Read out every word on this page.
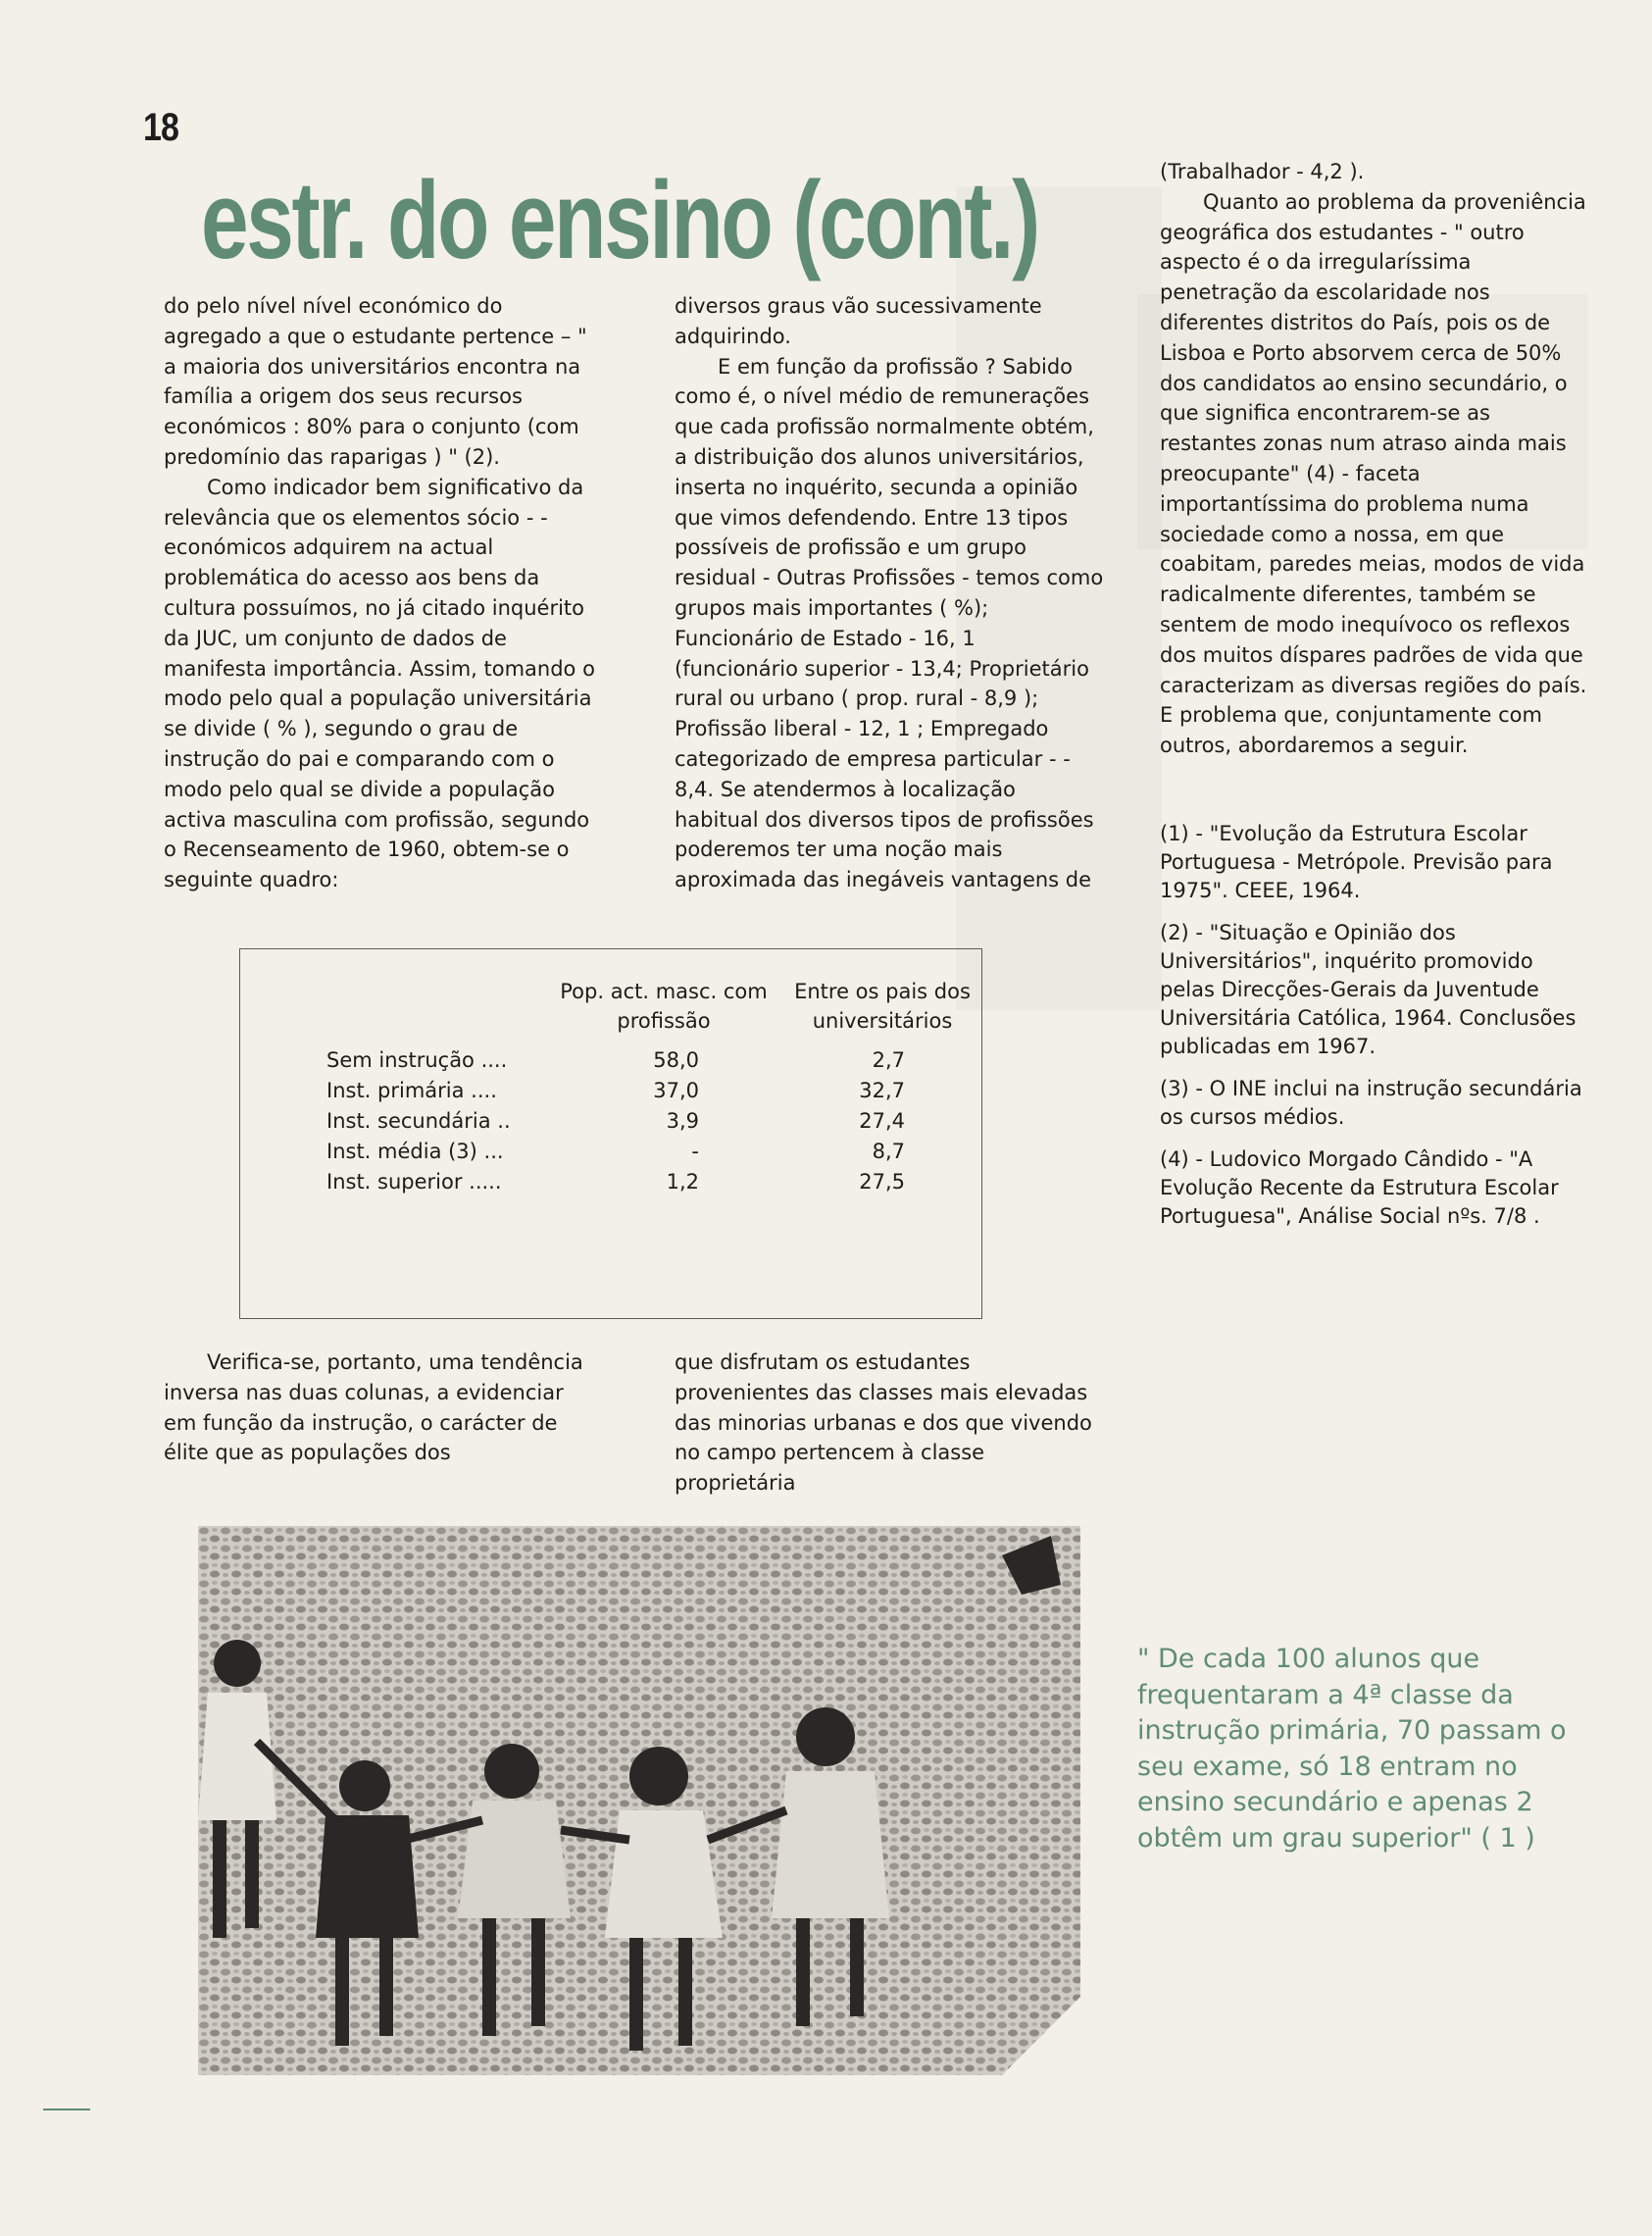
18
estr. do ensino (cont.)

do pelo nível nível económico do agregado a que o estudante pertence – " a maioria dos universitários encontra na família a origem dos seus recursos económicos : 80% para o conjunto (com predomínio das raparigas ) " (2).

Como indicador bem significativo da relevância que os elementos sócio - -económicos adquirem na actual problemática do acesso aos bens da cultura possuímos, no já citado inquérito da JUC, um conjunto de dados de manifesta importância. Assim, tomando o modo pelo qual a população universitária se divide ( % ), segundo o grau de instrução do pai e comparando com o modo pelo qual se divide a população activa masculina com profissão, segundo o Recenseamento de 1960, obtem-se o seguinte quadro:

diversos graus vão sucessivamente adquirindo.

E em função da profissão ? Sabido como é, o nível médio de remunerações que cada profissão normalmente obtém, a distribuição dos alunos universitários, inserta no inquérito, secunda a opinião que vimos defendendo. Entre 13 tipos possíveis de profissão e um grupo residual - Outras Profissões - temos como grupos mais importantes ( %); Funcionário de Estado - 16, 1 (funcionário superior - 13,4; Proprietário rural ou urbano ( prop. rural - 8,9 ); Profissão liberal - 12, 1 ; Empregado categorizado de empresa particular - - 8,4. Se atendermos à localização habitual dos diversos tipos de profissões poderemos ter uma noção mais aproximada das inegáveis vantagens de

(Trabalhador - 4,2 ).

Quanto ao problema da proveniência geográfica dos estudantes - " outro aspecto é o da irregularíssima penetração da escolaridade nos diferentes distritos do País, pois os de Lisboa e Porto absorvem cerca de 50% dos candidatos ao ensino secundário, o que significa encontrarem-se as restantes zonas num atraso ainda mais preocupante" (4) - faceta importantíssima do problema numa sociedade como a nossa, em que coabitam, paredes meias, modos de vida radicalmente diferentes, também se sentem de modo inequívoco os reflexos dos muitos díspares padrões de vida que caracterizam as diversas regiões do país. E problema que, conjuntamente com outros, abordaremos a seguir.

(1) - "Evolução da Estrutura Escolar Portuguesa - Metrópole. Previsão para 1975". CEEE, 1964.

(2) - "Situação e Opinião dos Universitários", inquérito promovido pelas Direcções-Gerais da Juventude Universitária Católica, 1964. Conclusões publicadas em 1967.

(3) - O INE inclui na instrução secundária os cursos médios.

(4) - Ludovico Morgado Cândido - "A Evolução Recente da Estrutura Escolar Portuguesa", Análise Social nºs. 7/8 .

Pop. act. masc. com profissão
Entre os pais dos universitários
Sem instrução ....	58,0	2,7
Inst. primária ....	37,0	32,7
Inst. secundária ..	3,9	27,4
Inst. média (3) ...	-	8,7
Inst. superior .....	1,2	27,5

Verifica-se, portanto, uma tendência inversa nas duas colunas, a evidenciar em função da instrução, o carácter de élite que as populações dos

que disfrutam os estudantes provenientes das classes mais elevadas das minorias urbanas e dos que vivendo no campo pertencem à classe proprietária

" De cada 100 alunos que frequentaram a 4ª classe da instrução primária, 70 passam o seu exame, só 18 entram no ensino secundário e apenas 2 obtêm um grau superior" ( 1 )
